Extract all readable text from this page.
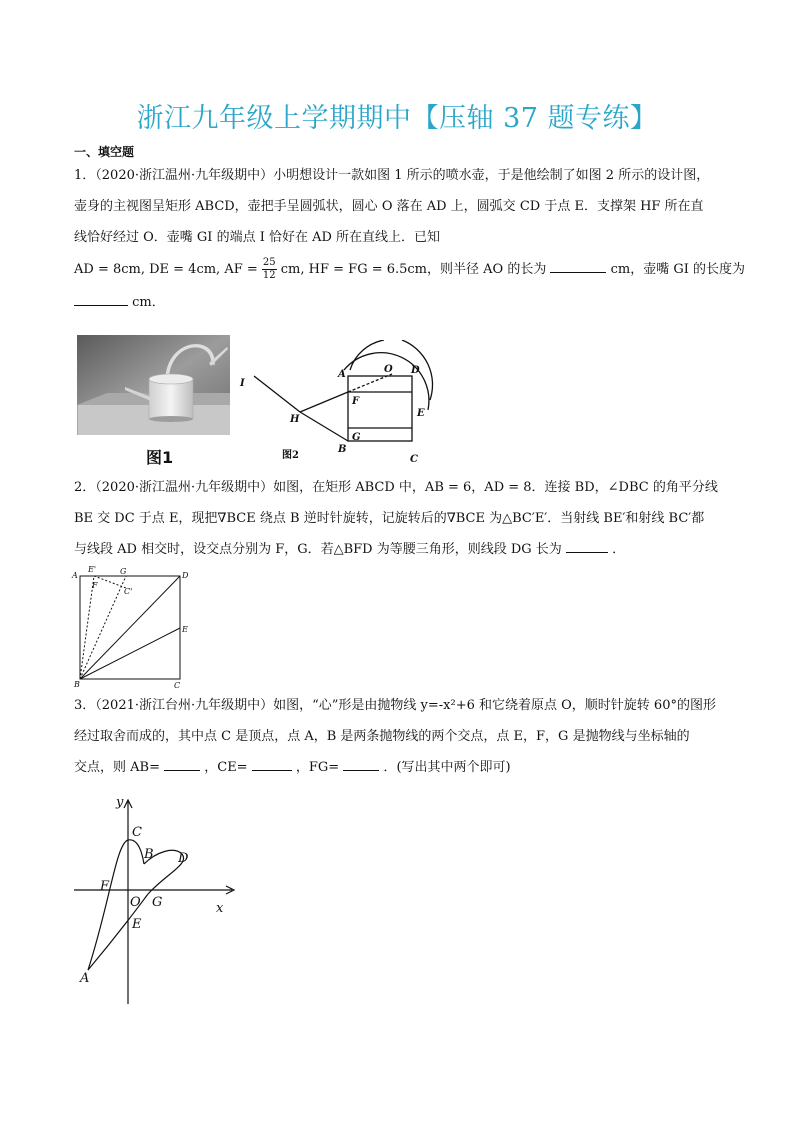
浙江九年级上学期期中【压轴 37 题专练】
一、填空题

1．（2020·浙江温州·九年级期中）小明想设计一款如图 1 所示的喷水壶，于是他绘制了如图 2 所示的设计图，

壶身的主视图呈矩形 ABCD，壶把手呈圆弧状，圆心 O 落在 AD 上，圆弧交 CD 于点 E．支撑架 HF 所在直

线恰好经过 O．壶嘴 GI 的端点 I 恰好在 AD 所在直线上．已知

AD = 8cm, DE = 4cm, AF = $\frac{25}{12}$ cm, HF = FG = 6.5cm，则半径 AO 的长为	cm，壶嘴 GI 的长度为

cm．

图1
A	O D
F
E
I
H
G
B
C
图2

2．（2020·浙江温州·九年级期中）如图，在矩形 ABCD 中，AB = 6，AD = 8．连接 BD，∠DBC 的角平分线

BE 交 DC 于点 E，现把∇BCE 绕点 B 逆时针旋转，记旋转后的∇BCE 为△BC′E′．当射线 BE′和射线 BC′都

与线段 AD 相交时，设交点分别为 F，G．若△BFD 为等腰三角形，则线段 DG 长为	．

A
E'	G	D
F
C'
E
B	C

3．（2021·浙江台州·九年级期中）如图，“心”形是由抛物线 y=-x²+6 和它绕着原点 O，顺时针旋转 60°的图形

经过取舍而成的，其中点 C 是顶点，点 A，B 是两条抛物线的两个交点，点 E，F，G 是抛物线与坐标轴的

交点，则 AB=	，CE=	，FG=	．(写出其中两个即可)

y
x
C
B D
F
O G
E
A
